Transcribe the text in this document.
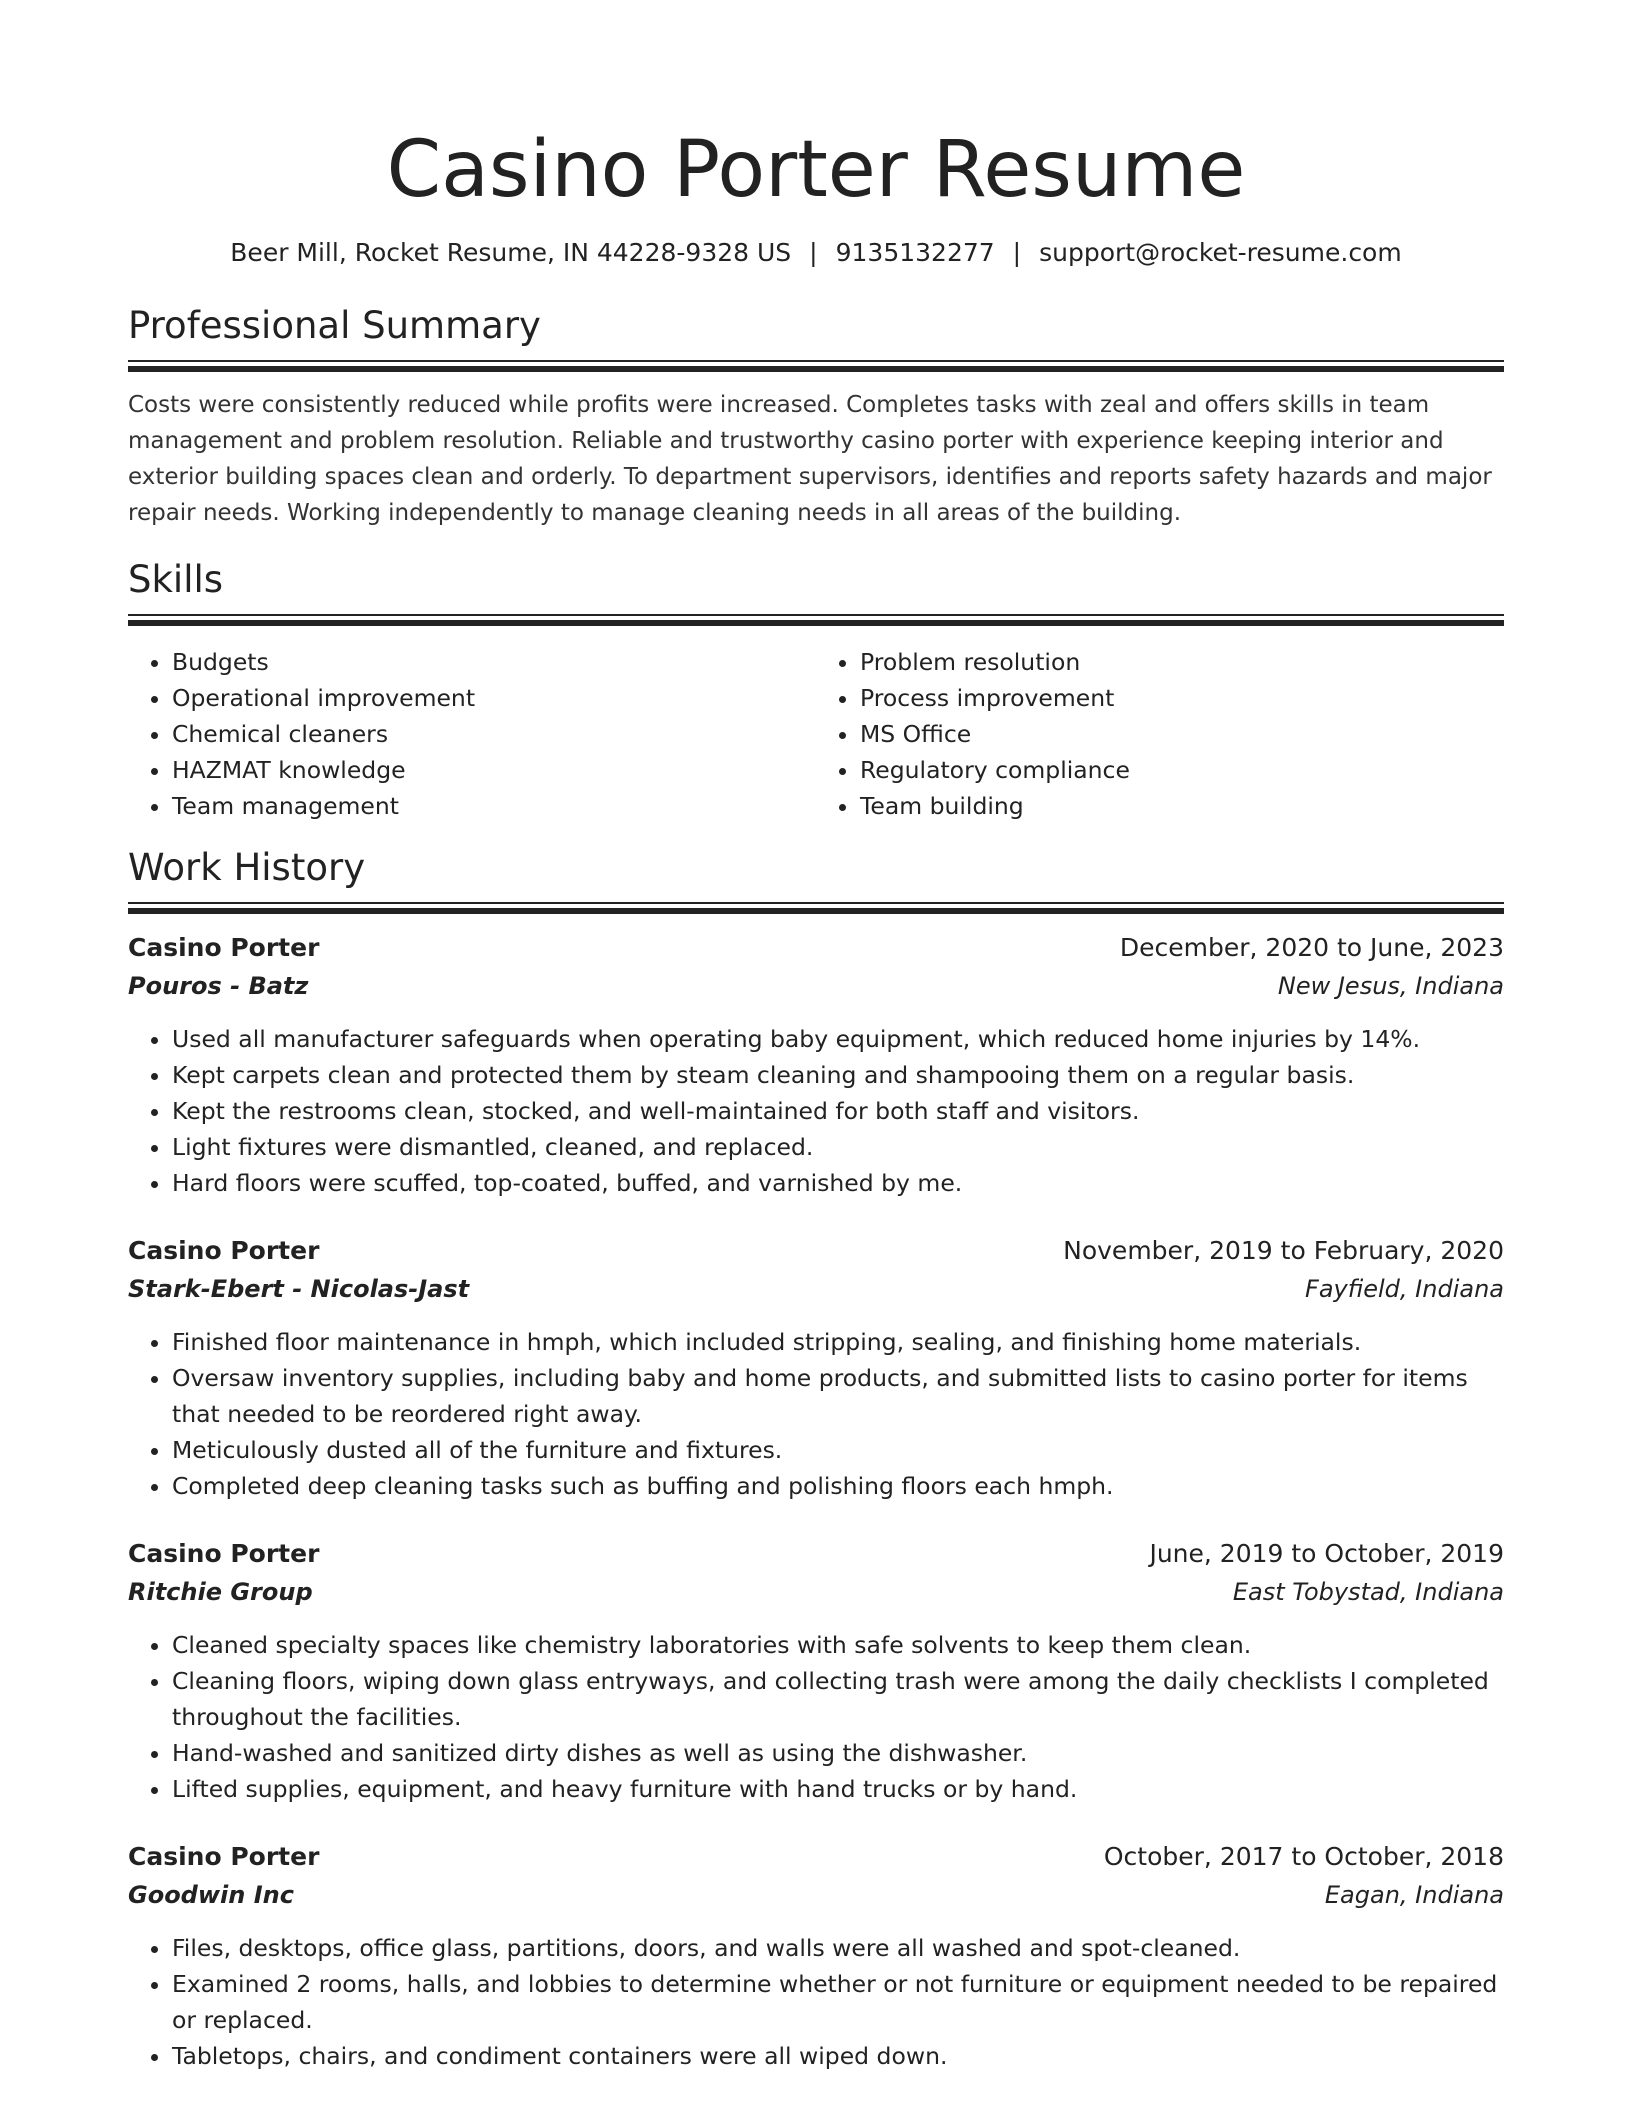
Casino Porter Resume
Beer Mill, Rocket Resume, IN 44228-9328 US | 9135132277 | support@rocket-resume.com
Professional Summary
Costs were consistently reduced while profits were increased. Completes tasks with zeal and offers skills in team management and problem resolution. Reliable and trustworthy casino porter with experience keeping interior and exterior building spaces clean and orderly. To department supervisors, identifies and reports safety hazards and major repair needs. Working independently to manage cleaning needs in all areas of the building.
Skills
• Budgets
• Operational improvement
• Chemical cleaners
• HAZMAT knowledge
• Team management
• Problem resolution
• Process improvement
• MS Office
• Regulatory compliance
• Team building
Work History
Casino Porter	December, 2020 to June, 2023
Pouros - Batz	New Jesus, Indiana
• Used all manufacturer safeguards when operating baby equipment, which reduced home injuries by 14%.
• Kept carpets clean and protected them by steam cleaning and shampooing them on a regular basis.
• Kept the restrooms clean, stocked, and well-maintained for both staff and visitors.
• Light fixtures were dismantled, cleaned, and replaced.
• Hard floors were scuffed, top-coated, buffed, and varnished by me.
Casino Porter	November, 2019 to February, 2020
Stark-Ebert - Nicolas-Jast	Fayfield, Indiana
• Finished floor maintenance in hmph, which included stripping, sealing, and finishing home materials.
• Oversaw inventory supplies, including baby and home products, and submitted lists to casino porter for items that needed to be reordered right away.
• Meticulously dusted all of the furniture and fixtures.
• Completed deep cleaning tasks such as buffing and polishing floors each hmph.
Casino Porter	June, 2019 to October, 2019
Ritchie Group	East Tobystad, Indiana
• Cleaned specialty spaces like chemistry laboratories with safe solvents to keep them clean.
• Cleaning floors, wiping down glass entryways, and collecting trash were among the daily checklists I completed throughout the facilities.
• Hand-washed and sanitized dirty dishes as well as using the dishwasher.
• Lifted supplies, equipment, and heavy furniture with hand trucks or by hand.
Casino Porter	October, 2017 to October, 2018
Goodwin Inc	Eagan, Indiana
• Files, desktops, office glass, partitions, doors, and walls were all washed and spot-cleaned.
• Examined 2 rooms, halls, and lobbies to determine whether or not furniture or equipment needed to be repaired or replaced.
• Tabletops, chairs, and condiment containers were all wiped down.
